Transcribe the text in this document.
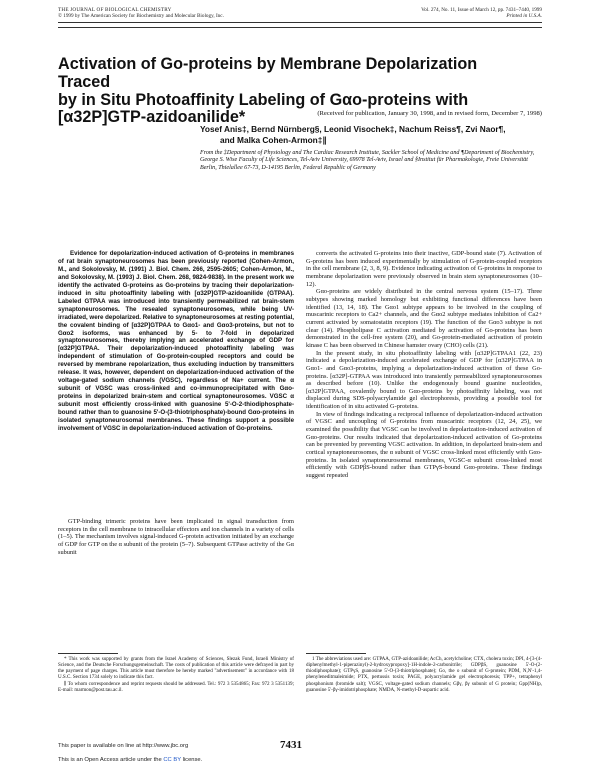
THE JOURNAL OF BIOLOGICAL CHEMISTRY	Vol. 274, No. 11, Issue of March 12, pp. 7431–7440, 1999
© 1999 by The American Society for Biochemistry and Molecular Biology, Inc.	Printed in U.S.A.
Activation of Go-proteins by Membrane Depolarization Traced
by in Situ Photoaffinity Labeling of Gαo-proteins with
[α32P]GTP-azidoanilide*	(Received for publication, January 30, 1998, and in revised form, December 7, 1998)
Yosef Anis‡, Bernd Nürnberg§, Leonid Visochek‡, Nachum Reiss¶, Zvi Naor¶,
and Malka Cohen-Armon‡∥
From the ‡Department of Physiology and The Cardiac Research Institute, Sackler School of Medicine and ¶Department of Biochemistry, George S. Wise Faculty of Life Sciences, Tel-Aviv University, 69978 Tel-Aviv, Israel and §Institut für Pharmakologie, Freie Universität Berlin, Thielallee 67-73, D-14195 Berlin, Federal Republic of Germany
Evidence for depolarization-induced activation of G-proteins in membranes of rat brain synaptoneurosomes has been previously reported (Cohen-Armon, M., and Sokolovsky, M. (1991) J. Biol. Chem. 266, 2595-2605; Cohen-Armon, M., and Sokolovsky, M. (1993) J. Biol. Chem. 268, 9824-9838). In the present work we identify the activated G-proteins as Go-proteins by tracing their depolarization-induced in situ photoaffinity labeling with [α32P]GTP-azidoanilide (GTPAA). Labeled GTPAA was introduced into transiently permeabilized rat brain-stem synaptoneurosomes. The resealed synaptoneurosomes, while being UV-irradiated, were depolarized. Relative to synaptoneurosomes at resting potential, the covalent binding of [α32P]GTPAA to Gαo1- and Gαo3-proteins, but not to Gαo2 isoforms, was enhanced by 5- to 7-fold in depolarized synaptoneurosomes, thereby implying an accelerated exchange of GDP for [α32P]GTPAA. Their depolarization-induced photoaffinity labeling was independent of stimulation of Go-protein-coupled receptors and could be reversed by membrane repolarization, thus excluding induction by transmitters release. It was, however, dependent on depolarization-induced activation of the voltage-gated sodium channels (VGSC), regardless of Na+ current. The α subunit of VGSC was cross-linked and co-immunoprecipitated with Gαo-proteins in depolarized brain-stem and cortical synaptoneurosomes. VGSC α subunit most efficiently cross-linked with guanosine 5'-O-2-thiodiphosphate-bound rather than to guanosine 5'-O-(3-thiotriphosphate)-bound Gαo-proteins in isolated synaptoneurosomal membranes. These findings support a possible involvement of VGSC in depolarization-induced activation of Go-proteins.

GTP-binding trimeric proteins have been implicated in signal transduction from receptors in the cell membrane to intracellular effectors and ion channels in a variety of cells (1–5). The mechanism involves signal-induced G-protein activation initiated by an exchange of GDP for GTP on the α subunit of the protein (5–7). Subsequent GTPase activity of the Gα subunit

converts the activated G-proteins into their inactive, GDP-bound state (7). Activation of G-proteins has been induced experimentally by stimulation of G-protein-coupled receptors in the cell membrane (2, 3, 8, 9). Evidence indicating activation of G-proteins in response to membrane depolarization were previously observed in brain stem synaptoneurosomes (10–12).

Gαo-proteins are widely distributed in the central nervous system (15–17). Three subtypes showing marked homology but exhibiting functional differences have been identified (13, 14, 18). The Gαo1 subtype appears to be involved in the coupling of muscarinic receptors to Ca2+ channels, and the Gαo2 subtype mediates inhibition of Ca2+ current activated by somatostatin receptors (19). The function of the Gαo3 subtype is not clear (14). Phospholipase C activation mediated by activation of Go-proteins has been demonstrated in the cell-free system (20), and Go-protein-mediated activation of protein kinase C has been observed in Chinese hamster ovary (CHO) cells (21).

In the present study, in situ photoaffinity labeling with [α32P]GTPAA1 (22, 23) indicated a depolarization-induced accelerated exchange of GDP for [α32P]GTPAA in Gαo1- and Gαo3-proteins, implying a depolarization-induced activation of these Go-proteins. [α32P]-GTPAA was introduced into transiently permeabilized synaptoneurosomes as described before (10). Unlike the endogenously bound guanine nucleotides, [α32P]GTPAA, covalently bound to Gαo-proteins by photoaffinity labeling, was not displaced during SDS-polyacrylamide gel electrophoresis, providing a possible tool for identification of in situ activated G-proteins.

In view of findings indicating a reciprocal influence of depolarization-induced activation of VGSC and uncoupling of G-proteins from muscarinic receptors (12, 24, 25), we examined the possibility that VGSC can be involved in depolarization-induced activation of Gαo-proteins. Our results indicated that depolarization-induced activation of Go-proteins can be prevented by preventing VGSC activation. In addition, in depolarized brain-stem and cortical synaptoneurosomes, the α subunit of VGSC cross-linked most efficiently with Gαo-proteins. In isolated synaptoneurosomal membranes, VGSC-α subunit cross-linked most efficiently with GDPβS-bound rather than GTPγS-bound Gαo-proteins. These findings suggest repeated

* This work was supported by grants from the Israel Academy of Sciences, Slezak Fund, Israeli Ministry of Science, and the Deutsche Forschungsgemeinschaft. The costs of publication of this article were defrayed in part by the payment of page charges. This article must therefore be hereby marked "advertisement" in accordance with 18 U.S.C. Section 1734 solely to indicate this fact.

∥ To whom correspondence and reprint requests should be addressed. Tel.: 972 3 5354865; Fax: 972 3 5351139; E-mail: marmon@post.tau.ac.il.

1 The abbreviations used are: GTPAA, GTP-azidoanilide; AcCh, acetylcholine; CTX, cholera toxin; DPI, 4-[3-(4-diphenylmethyl-1-piperazinyl)-2-hydroxypropoxy]-1H-indole-2-carbonitrile; GDPβS, guanosine 5'-O-(2-thiodiphosphate); GTPγS, guanosine 5'-O-(3-thiotriphosphate); Go, the o subunit of G-protein; PDM, N,N'-1,4-phenyleneditmaleimide; PTX, pertussis toxin; PAGE, polyacrylamide gel electrophoresis; TPP+, tetraphenyl phosphonium (bromide salt); VGSC, voltage-gated sodium channels; Gβγ, βγ subunit of G protein; Gpp(NH)p, guanosine 5'-βγ-imidotriphosphate; NMDA, N-methyl-D-aspartic acid.

This paper is available on line at http://www.jbc.org	7431
This is an Open Access article under the CC BY license.
